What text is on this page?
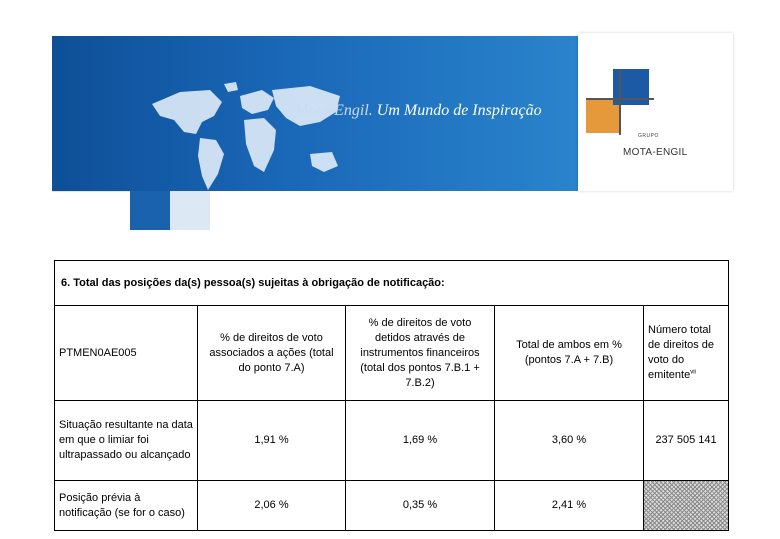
Mota-Engil. Um Mundo de Inspiração
GRUPO
MOTA-ENGIL
6. Total das posições da(s) pessoa(s) sujeitas à obrigação de notificação:				
PTMEN0AE005	% de direitos de voto associados a ações (total do ponto 7.A)	% de direitos de voto detidos através de instrumentos financeiros
(total dos pontos 7.B.1 + 7.B.2)	Total de ambos em % (pontos 7.A + 7.B)	Número total de direitos de voto do emitente$^{vii}$
Situação resultante na data em que o limiar foi ultrapassado ou alcançado	1,91 %	1,69 %	3,60 %	237 505 141
Posição prévia à notificação (se for o caso)	2,06 %	0,35 %	2,41 %	
